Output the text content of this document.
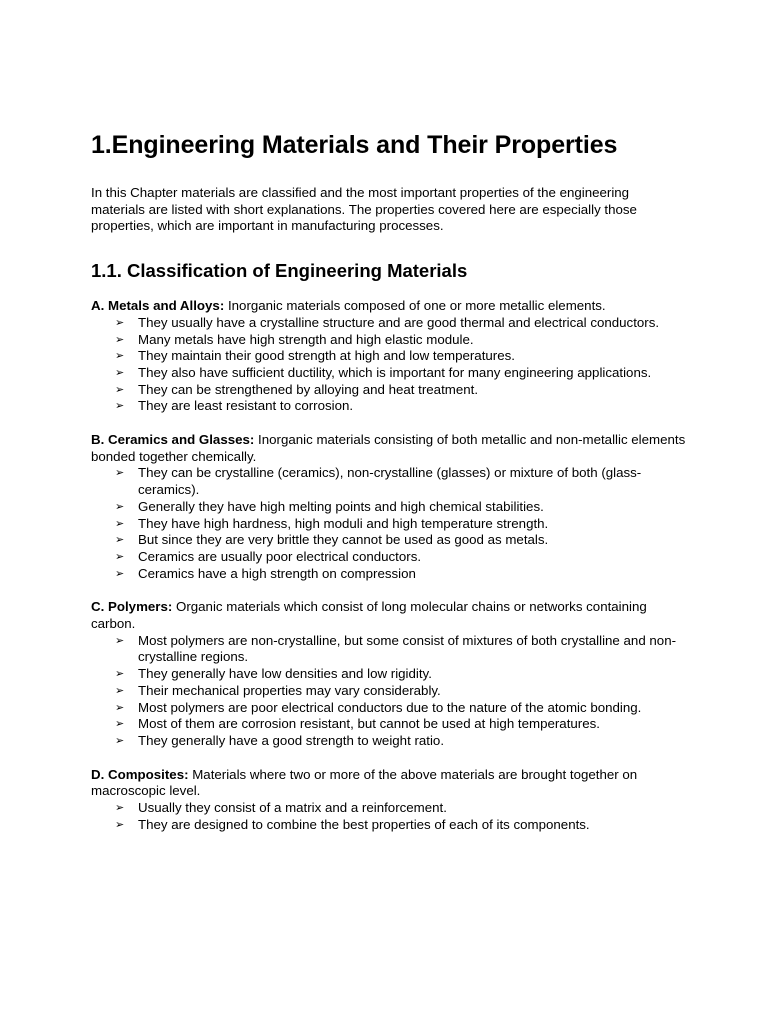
1.Engineering Materials and Their Properties

In this Chapter materials are classified and the most important properties of the engineering materials are listed with short explanations. The properties covered here are especially those properties, which are important in manufacturing processes.

1.1. Classification of Engineering Materials

A. Metals and Alloys: Inorganic materials composed of one or more metallic elements.

➢	They usually have a crystalline structure and are good thermal and electrical conductors.
➢	Many metals have high strength and high elastic module.
➢	They maintain their good strength at high and low temperatures.
➢	They also have sufficient ductility, which is important for many engineering applications.
➢	They can be strengthened by alloying and heat treatment.
➢	They are least resistant to corrosion.

B. Ceramics and Glasses: Inorganic materials consisting of both metallic and non-metallic elements bonded together chemically.

➢	They can be crystalline (ceramics), non-crystalline (glasses) or mixture of both (glass-ceramics).
➢	Generally they have high melting points and high chemical stabilities.
➢	They have high hardness, high moduli and high temperature strength.
➢	But since they are very brittle they cannot be used as good as metals.
➢	Ceramics are usually poor electrical conductors.
➢	Ceramics have a high strength on compression

C. Polymers: Organic materials which consist of long molecular chains or networks containing carbon.

➢	Most polymers are non-crystalline, but some consist of mixtures of both crystalline and non-crystalline regions.
➢	They generally have low densities and low rigidity.
➢	Their mechanical properties may vary considerably.
➢	Most polymers are poor electrical conductors due to the nature of the atomic bonding.
➢	Most of them are corrosion resistant, but cannot be used at high temperatures.
➢	They generally have a good strength to weight ratio.

D. Composites: Materials where two or more of the above materials are brought together on macroscopic level.

➢	Usually they consist of a matrix and a reinforcement.
➢	They are designed to combine the best properties of each of its components.
